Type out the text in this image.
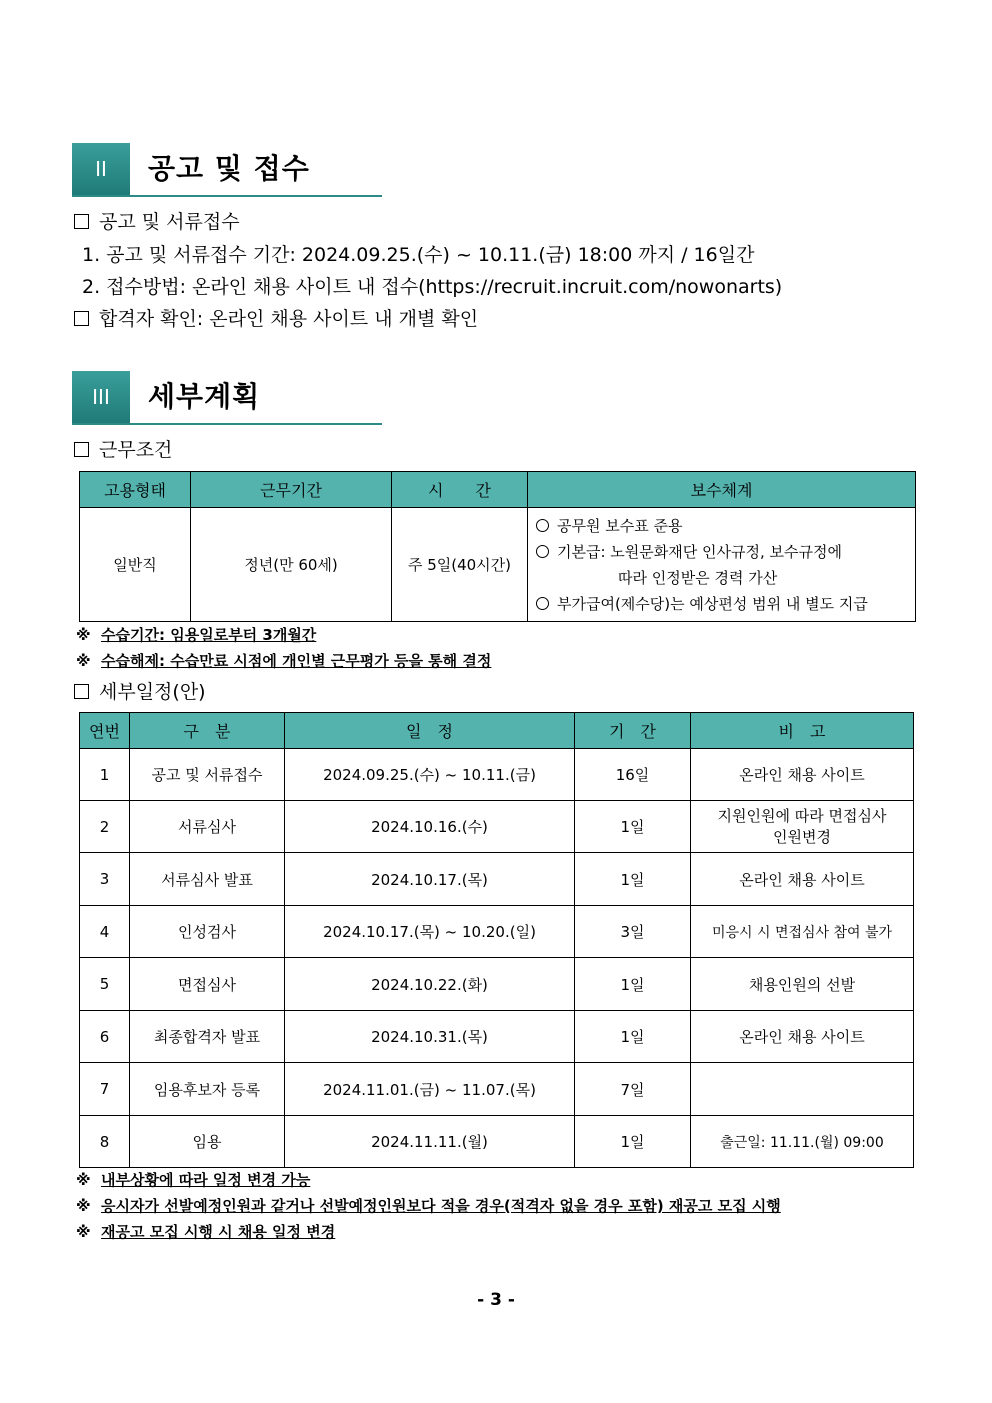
II	공고 및 접수
공고 및 서류접수
1. 공고 및 서류접수 기간: 2024.09.25.(수) ~ 10.11.(금) 18:00 까지 / 16일간
2. 접수방법: 온라인 채용 사이트 내 접수(https://recruit.incruit.com/nowonarts)
합격자 확인: 온라인 채용 사이트 내 개별 확인
III	세부계획
근무조건
고용형태	근무기간	시　　간	보수체계
일반직	정년(만 60세)	주 5일(40시간)	공무원 보수표 준용
기본급: 노원문화재단 인사규정, 보수규정에
따라 인정받은 경력 가산
부가급여(제수당)는 예상편성 범위 내 별도 지급
※ 수습기간: 임용일로부터 3개월간
※ 수습해제: 수습만료 시점에 개인별 근무평가 등을 통해 결정
세부일정(안)
연번	구　분	일　정	기　간	비　고
1	공고 및 서류접수	2024.09.25.(수) ~ 10.11.(금)	16일	온라인 채용 사이트
2	서류심사	2024.10.16.(수)	1일	지원인원에 따라 면접심사
인원변경

3	서류심사 발표	2024.10.17.(목)	1일	온라인 채용 사이트
4	인성검사	2024.10.17.(목) ~ 10.20.(일)	3일	미응시 시 면접심사 참여 불가
5	면접심사	2024.10.22.(화)	1일	채용인원의 선발
6	최종합격자 발표	2024.10.31.(목)	1일	온라인 채용 사이트
7	임용후보자 등록	2024.11.01.(금) ~ 11.07.(목)	7일	
8	임용	2024.11.11.(월)	1일	출근일: 11.11.(월) 09:00
※ 내부상황에 따라 일정 변경 가능
※ 응시자가 선발예정인원과 같거나 선발예정인원보다 적을 경우(적격자 없을 경우 포함) 재공고 모집 시행
※ 재공고 모집 시행 시 채용 일정 변경
- 3 -
